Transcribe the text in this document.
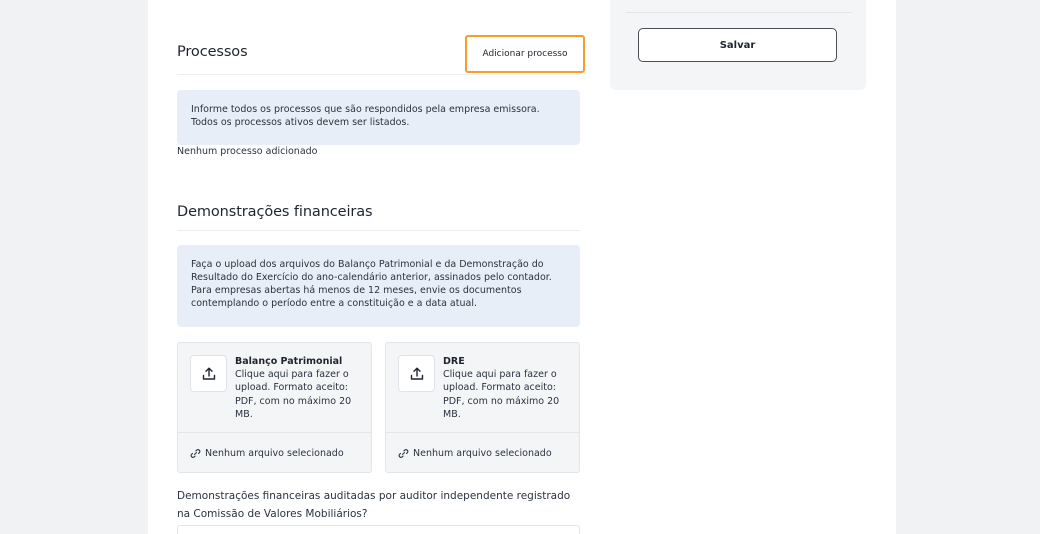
Processos	Adicionar processo
Informe todos os processos que são respondidos pela empresa emissora. Todos os processos ativos devem ser listados.
Nenhum processo adicionado
Demonstrações financeiras
Faça o upload dos arquivos do Balanço Patrimonial e da Demonstração do Resultado do Exercício do ano-calendário anterior, assinados pelo contador. Para empresas abertas há menos de 12 meses, envie os documentos contemplando o período entre a constituição e a data atual.
Balanço Patrimonial
Clique aqui para fazer o upload. Formato aceito: PDF, com no máximo 20 MB.
Nenhum arquivo selecionado
DRE
Clique aqui para fazer o upload. Formato aceito: PDF, com no máximo 20 MB.
Nenhum arquivo selecionado
Demonstrações financeiras auditadas por auditor independente registrado na Comissão de Valores Mobiliários?
Salvar
